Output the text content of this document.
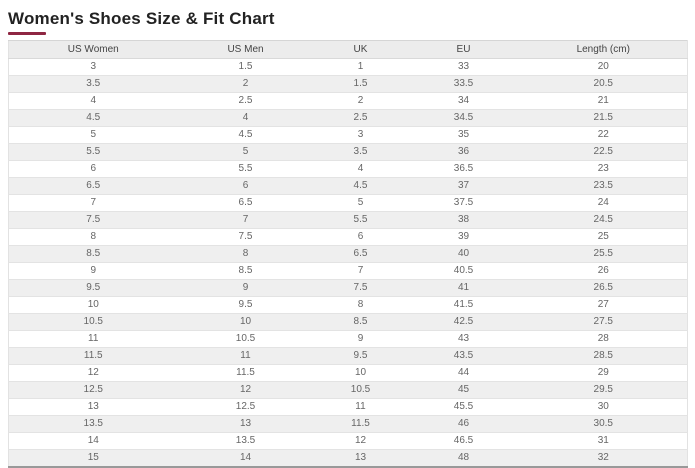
Women's Shoes Size & Fit Chart
US Women	US Men	UK	EU	Length (cm)
3	1.5	1	33	20
3.5	2	1.5	33.5	20.5
4	2.5	2	34	21
4.5	4	2.5	34.5	21.5
5	4.5	3	35	22
5.5	5	3.5	36	22.5
6	5.5	4	36.5	23
6.5	6	4.5	37	23.5
7	6.5	5	37.5	24
7.5	7	5.5	38	24.5
8	7.5	6	39	25
8.5	8	6.5	40	25.5
9	8.5	7	40.5	26
9.5	9	7.5	41	26.5
10	9.5	8	41.5	27
10.5	10	8.5	42.5	27.5
11	10.5	9	43	28
11.5	11	9.5	43.5	28.5
12	11.5	10	44	29
12.5	12	10.5	45	29.5
13	12.5	11	45.5	30
13.5	13	11.5	46	30.5
14	13.5	12	46.5	31
15	14	13	48	32
